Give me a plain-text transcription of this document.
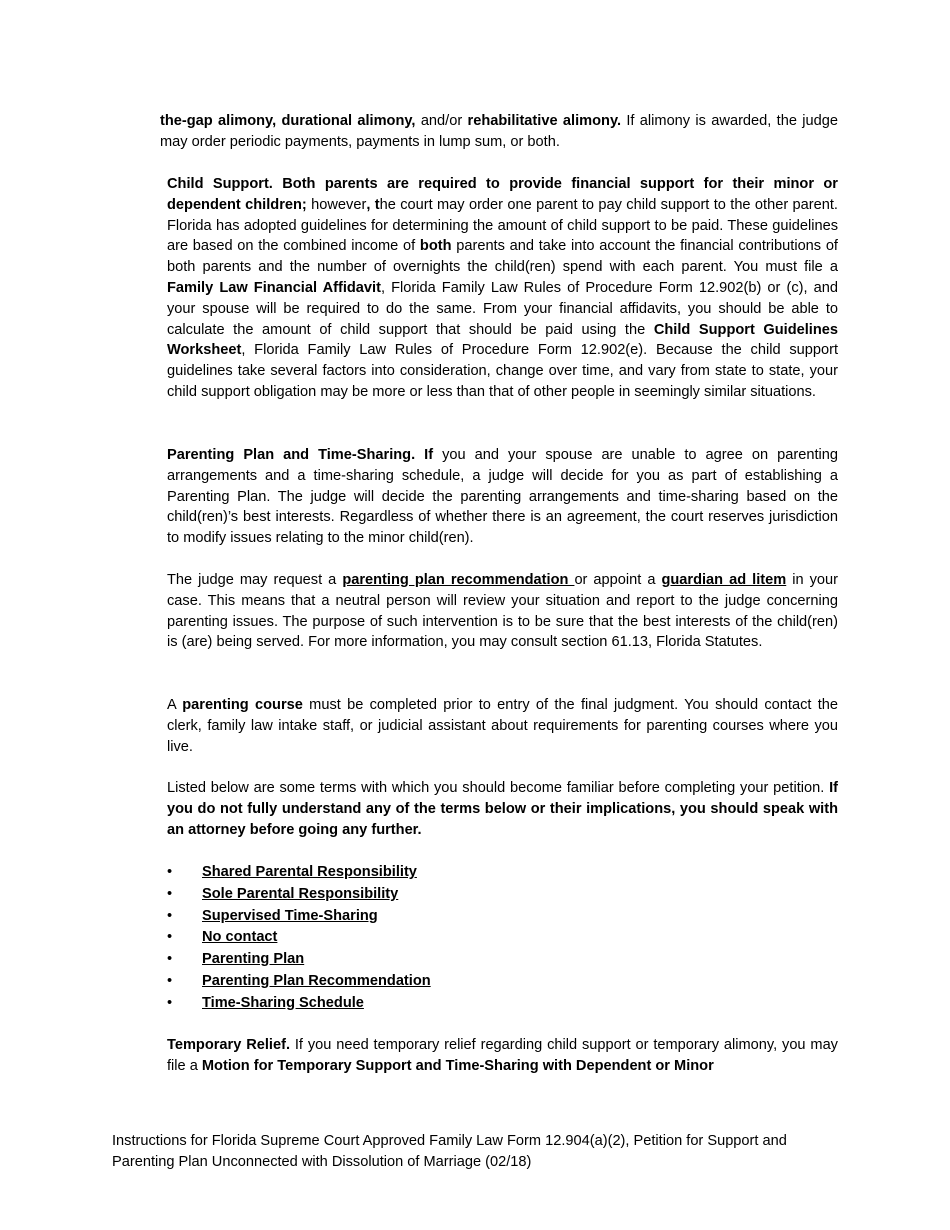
the-gap alimony, durational alimony, and/or rehabilitative alimony. If alimony is awarded, the judge may order periodic payments, payments in lump sum, or both.

Child Support. Both parents are required to provide financial support for their minor or dependent children; however, the court may order one parent to pay child support to the other parent. Florida has adopted guidelines for determining the amount of child support to be paid. These guidelines are based on the combined income of both parents and take into account the financial contributions of both parents and the number of overnights the child(ren) spend with each parent. You must file a Family Law Financial Affidavit, Florida Family Law Rules of Procedure Form 12.902(b) or (c), and your spouse will be required to do the same. From your financial affidavits, you should be able to calculate the amount of child support that should be paid using the Child Support Guidelines Worksheet, Florida Family Law Rules of Procedure Form 12.902(e). Because the child support guidelines take several factors into consideration, change over time, and vary from state to state, your child support obligation may be more or less than that of other people in seemingly similar situations.

Parenting Plan and Time-Sharing. If you and your spouse are unable to agree on parenting arrangements and a time-sharing schedule, a judge will decide for you as part of establishing a Parenting Plan. The judge will decide the parenting arrangements and time-sharing based on the child(ren)’s best interests. Regardless of whether there is an agreement, the court reserves jurisdiction to modify issues relating to the minor child(ren).

The judge may request a parenting plan recommendation or appoint a guardian ad litem in your case. This means that a neutral person will review your situation and report to the judge concerning parenting issues. The purpose of such intervention is to be sure that the best interests of the child(ren) is (are) being served. For more information, you may consult section 61.13, Florida Statutes.

A parenting course must be completed prior to entry of the final judgment. You should contact the clerk, family law intake staff, or judicial assistant about requirements for parenting courses where you live.

Listed below are some terms with which you should become familiar before completing your petition. If you do not fully understand any of the terms below or their implications, you should speak with an attorney before going any further.

• Shared Parental Responsibility
• Sole Parental Responsibility
• Supervised Time-Sharing
• No contact
• Parenting Plan
• Parenting Plan Recommendation
• Time-Sharing Schedule

Temporary Relief. If you need temporary relief regarding child support or temporary alimony, you may file a Motion for Temporary Support and Time-Sharing with Dependent or Minor

Instructions for Florida Supreme Court Approved Family Law Form 12.904(a)(2), Petition for Support and
Parenting Plan Unconnected with Dissolution of Marriage (02/18)
